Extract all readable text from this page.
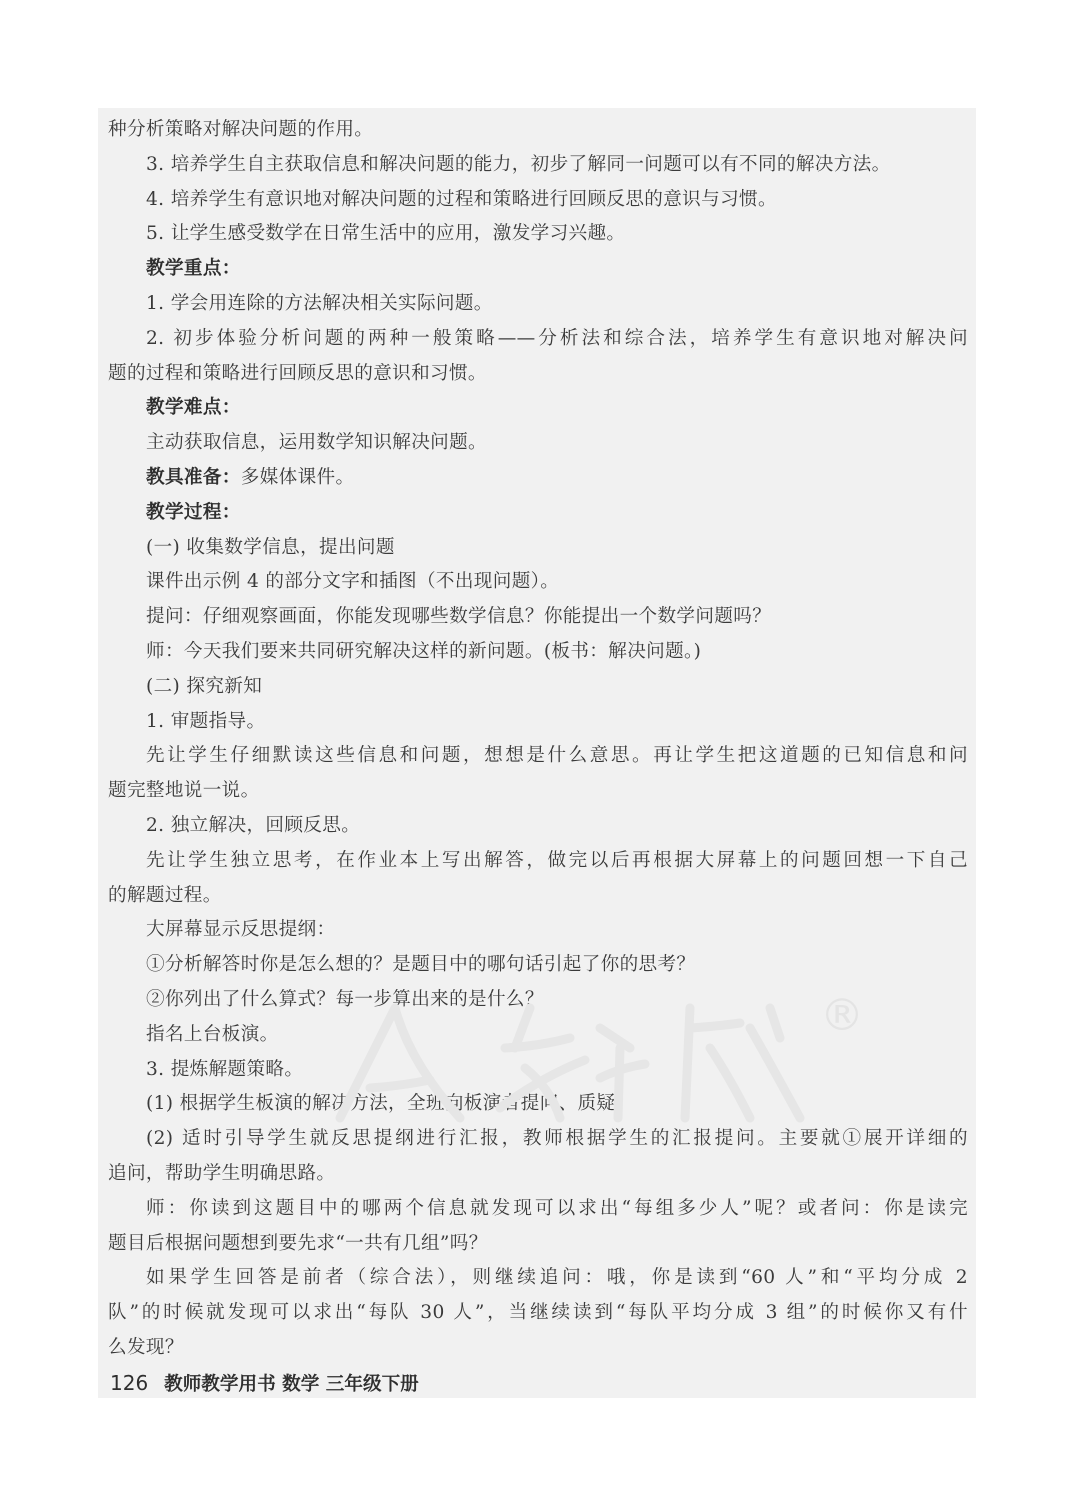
种分析策略对解决问题的作用。
3. 培养学生自主获取信息和解决问题的能力，初步了解同一问题可以有不同的解决方法。
4. 培养学生有意识地对解决问题的过程和策略进行回顾反思的意识与习惯。
5. 让学生感受数学在日常生活中的应用，激发学习兴趣。
教学重点：
1. 学会用连除的方法解决相关实际问题。
2. 初步体验分析问题的两种一般策略——分析法和综合法，培养学生有意识地对解决问
题的过程和策略进行回顾反思的意识和习惯。
教学难点：
主动获取信息，运用数学知识解决问题。
教具准备：多媒体课件。
教学过程：
(一) 收集数学信息，提出问题
课件出示例 4 的部分文字和插图（不出现问题）。
提问：仔细观察画面，你能发现哪些数学信息？你能提出一个数学问题吗？
师：今天我们要来共同研究解决这样的新问题。(板书：解决问题。)
(二) 探究新知
1. 审题指导。
先让学生仔细默读这些信息和问题，想想是什么意思。再让学生把这道题的已知信息和问
题完整地说一说。
2. 独立解决，回顾反思。
先让学生独立思考，在作业本上写出解答，做完以后再根据大屏幕上的问题回想一下自己
的解题过程。
大屏幕显示反思提纲：
①分析解答时你是怎么想的？是题目中的哪句话引起了你的思考？
②你列出了什么算式？每一步算出来的是什么？
指名上台板演。
3. 提炼解题策略。
(1) 根据学生板演的解决方法，全班向板演者提问、质疑。
(2) 适时引导学生就反思提纲进行汇报，教师根据学生的汇报提问。主要就①展开详细的
追问，帮助学生明确思路。
师：你读到这题目中的哪两个信息就发现可以求出“每组多少人”呢？或者问：你是读完
题目后根据问题想到要先求“一共有几组”吗？
如果学生回答是前者（综合法），则继续追问：哦，你是读到“60 人”和“平均分成 2
队”的时候就发现可以求出“每队 30 人”，当继续读到“每队平均分成 3 组”的时候你又有什
么发现？
®
126 教师教学用书 数学 三年级下册
